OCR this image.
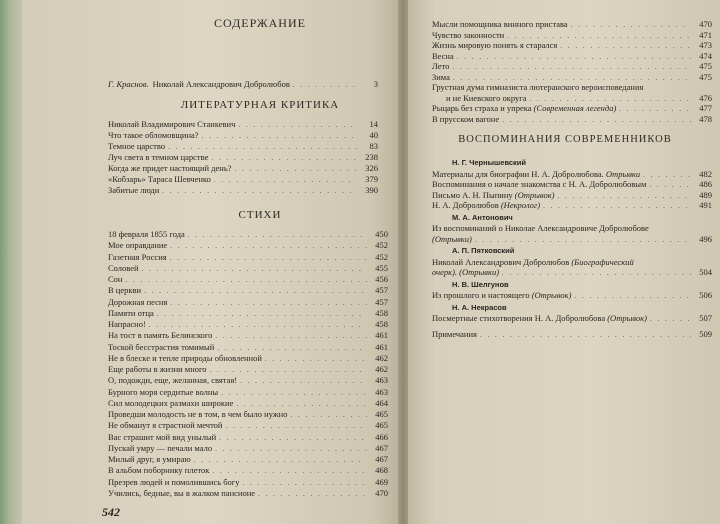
СОДЕРЖАНИЕ
Г. Краснов. Николай Александрович Добролюбов . . .	3
ЛИТЕРАТУРНАЯ КРИТИКА
Николай Владимирович Станкевич . . .	14
Что такое обломовщина? . . .	40
Темное царство . . .	83
Луч света в темном царстве . . .	238
Когда же придет настоящий день? . . .	326
«Кобзарь» Тараса Шевченко . . .	379
Забитые люди . . .	390
СТИХИ
18 февраля 1855 года . . .	450
Мое оправдание . . .	452
Газетная Россия . . .	452
Соловей . . .	455
Сон . . .	456
В церкви . . .	457
Дорожная песня . . .	457
Памяти отца . . .	458
Напрасно! . . .	458
На тост в память Белинского . . .	461
Тоской бесстрастия томимый . . .	461
Не в блеске и тепле природы обновленной . . .	462
Еще работы в жизни много . . .	462
О, подожди, еще, желанная, святая! . . .	463
Бурного моря сердитые волны . . .	463
Сил молодецких размахи широкие . . .	464
Проведши молодость не в том, в чем было нужно . . .	465
Не обманут я страстной мечтой . . .	465
Вас страшит мой вид унылый . . .	466
Пускай умру — печали мало . . .	467
Милый друг, я умираю . . .	467
В альбом поборнику плеток . . .	468
Презрев людей и помолившись богу . . .	469
Учились, бедные, вы в жалком пансионе . . .	470
542
Мысли помощника винного пристава . . .	470
Чувство законности . . .	471
Жизнь мировую понять я старался . . .	473
Весна . . .	474
Лето . . .	475
Зима . . .	475
Грустная дума гимназиста лютеранского вероисповедания
и не Киевского округа . . .	476
Рыцарь без страха и упрека (Современная легенда) . . .	477
В прусском вагоне . . .	478
ВОСПОМИНАНИЯ СОВРЕМЕННИКОВ
Н. Г. Чернышевский
Материалы для биографии Н. А. Добролюбова. Отрывки . . .	482
Воспоминания о начале знакомства с Н. А. Добролюбовым . . .	486
Письмо А. Н. Пыпину (Отрывок) . . .	489
Н. А. Добролюбов (Некролог) . . .	491
М. А. Антонович
Из воспоминаний о Николае Александровиче Добролюбове
(Отрывки) . . .	496
А. П. Пятковский
Николай Александрович Добролюбов (Биографический
очерк). (Отрывки) . . .	504
Н. В. Шелгунов
Из прошлого и настоящего (Отрывок) . . .	506
Н. А. Некрасов
Посмертные стихотворения Н. А. Добролюбова (Отрывок) . . .	507
Примечания . . .	509
